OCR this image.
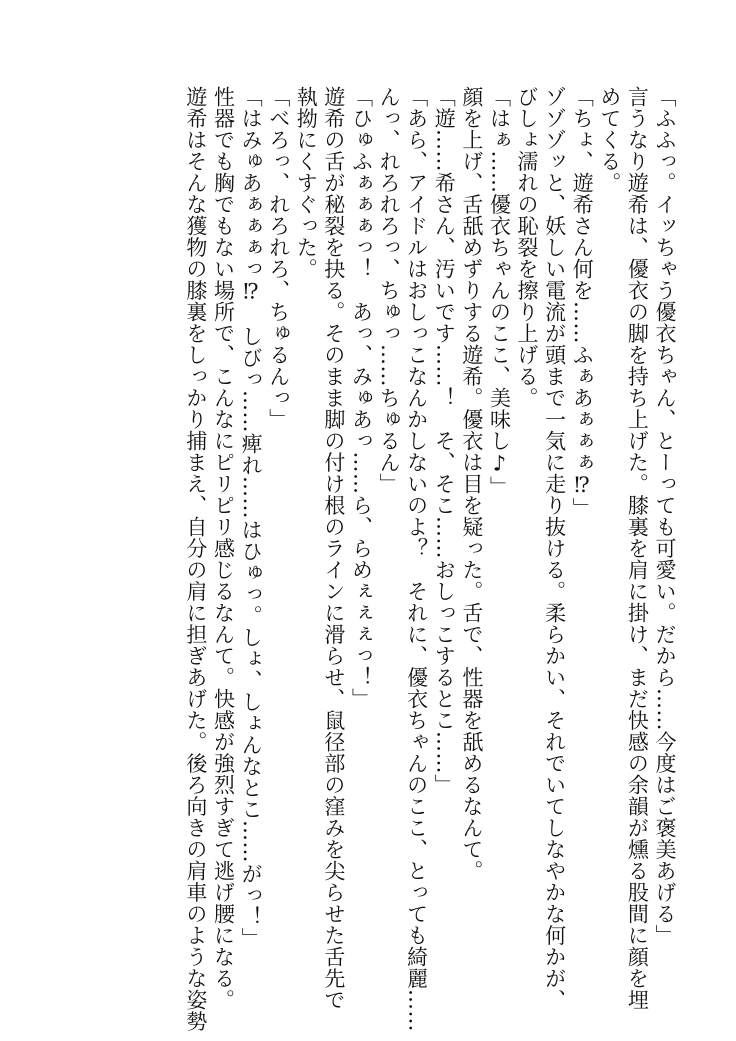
「ふふっ。イッちゃう優衣ちゃん、とーっても可愛い。だから……今度はご褒美あげる」

言うなり遊希は、優衣の脚を持ち上げた。膝裏を肩に掛け、まだ快感の余韻が燻る股間に顔を埋

めてくる。

「ちょ、遊希さん何を……ふぁあぁぁぁ⁉」

ゾゾゾッと、妖しい電流が頭まで一気に走り抜ける。柔らかい、それでいてしなやかな何かが、

びしょ濡れの恥裂を擦り上げる。

「はぁ……優衣ちゃんのここ、美味し♪」

顔を上げ、舌舐めずりする遊希。優衣は目を疑った。舌で、性器を舐めるなんて。

「遊……希さん、汚いです……！　そ、そこ……おしっこするとこ……」

「あら、アイドルはおしっこなんかしないのよ？　それに、優衣ちゃんのここ、とっても綺麗……

んっ、れろれろっ、ちゅっ……ちゅるん」

「ひゅふぁぁぁっ！　あっ、みゅあっ……ら、らめぇぇぇっ！」

遊希の舌が秘裂を抉る。そのまま脚の付け根のラインに滑らせ、鼠径部の窪みを尖らせた舌先で

執拗にくすぐった。

「べろっ、れろれろ、ちゅるんっ」

「はみゅあぁぁぁっ⁉　しびっ……痺れ……はひゅっ。しょ、しょんなとこ……がっ！」

性器でも胸でもない場所で、こんなにピリピリ感じるなんて。快感が強烈すぎて逃げ腰になる。

遊希はそんな獲物の膝裏をしっかり捕まえ、自分の肩に担ぎあげた。後ろ向きの肩車のような姿勢
